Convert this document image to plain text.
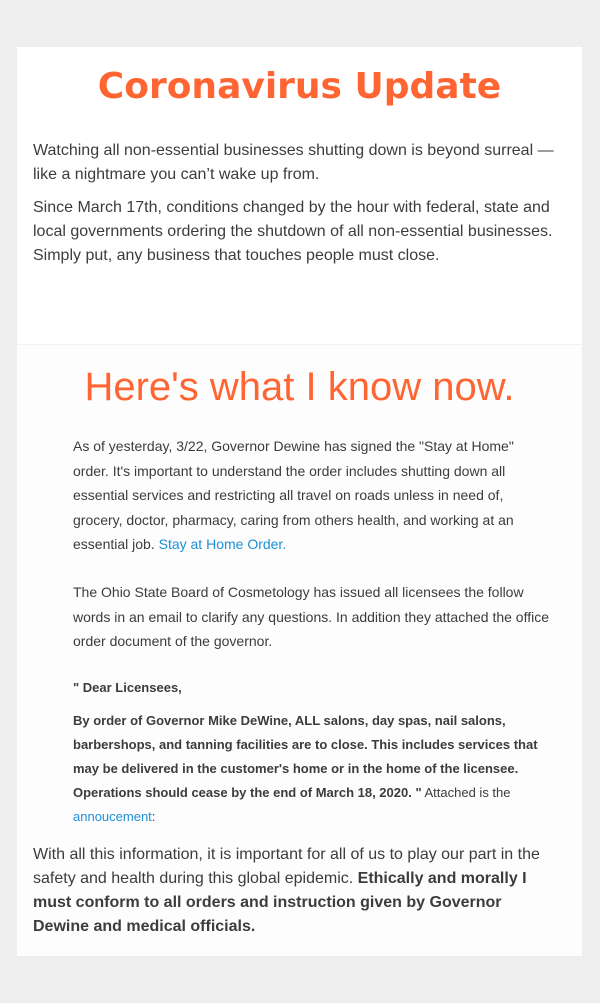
Coronavirus Update

Watching all non-essential businesses shutting down is beyond surreal — like a nightmare you can’t wake up from.

Since March 17th, conditions changed by the hour with federal, state and local governments ordering the shutdown of all non-essential businesses. Simply put, any business that touches people must close.

Here's what I know now.

As of yesterday, 3/22, Governor Dewine has signed the "Stay at Home" order. It's important to understand the order includes shutting down all essential services and restricting all travel on roads unless in need of, grocery, doctor, pharmacy, caring from others health, and working at an essential job. Stay at Home Order.

The Ohio State Board of Cosmetology has issued all licensees the follow words in an email to clarify any questions. In addition they attached the office order document of the governor.

" Dear Licensees,

By order of Governor Mike DeWine, ALL salons, day spas, nail salons, barbershops, and tanning facilities are to close. This includes services that may be delivered in the customer's home or in the home of the licensee. Operations should cease by the end of March 18, 2020. " Attached is the annoucement:

With all this information, it is important for all of us to play our part in the safety and health during this global epidemic. Ethically and morally I must conform to all orders and instruction given by Governor Dewine and medical officials.
